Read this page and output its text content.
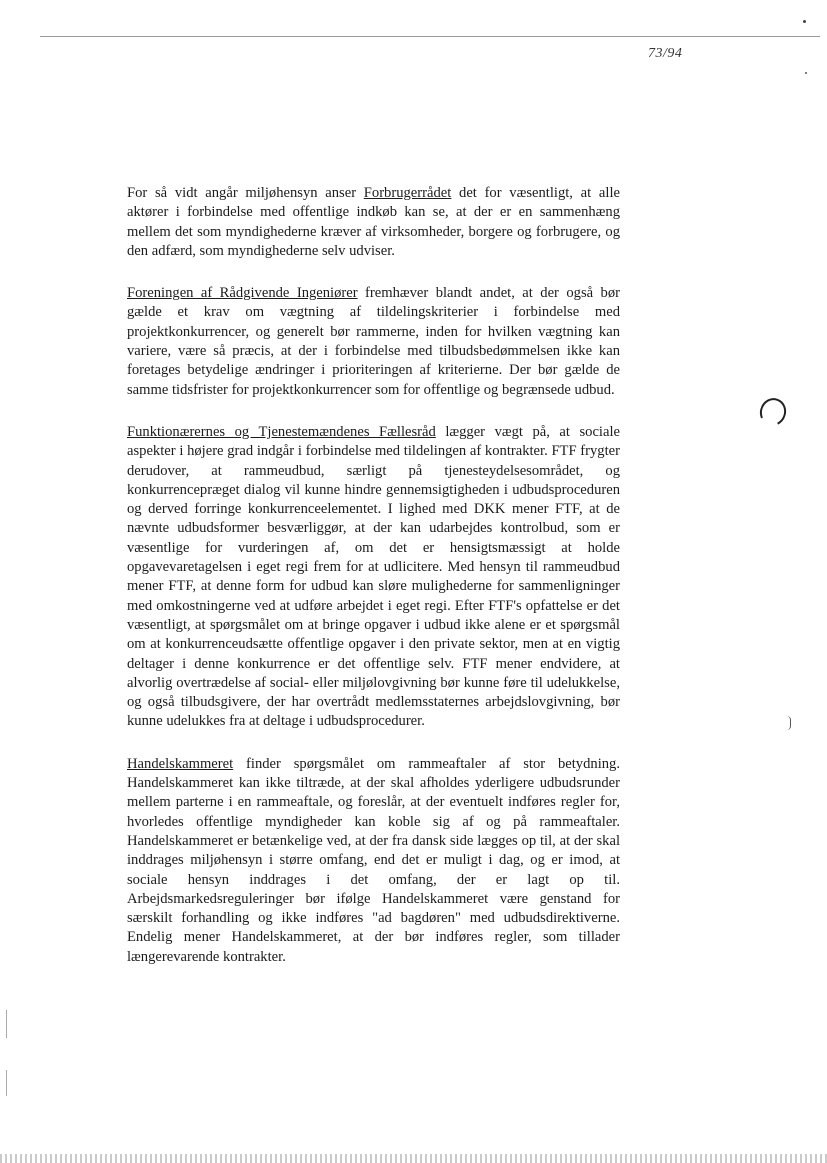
73/94

For så vidt angår miljøhensyn anser Forbrugerrådet det for væsentligt, at alle aktører i forbindelse med offentlige indkøb kan se, at der er en sammenhæng mellem det som myndighederne kræver af virksomheder, borgere og forbrugere, og den adfærd, som myndighederne selv udviser.

Foreningen af Rådgivende Ingeniører fremhæver blandt andet, at der også bør gælde et krav om vægtning af tildelingskriterier i forbindelse med projektkonkurrencer, og generelt bør rammerne, inden for hvilken vægtning kan variere, være så præcis, at der i forbindelse med tilbudsbedømmelsen ikke kan foretages betydelige ændringer i prioriteringen af kriterierne. Der bør gælde de samme tidsfrister for projektkonkurrencer som for offentlige og begrænsede udbud.

Funktionærernes og Tjenestemændenes Fællesråd lægger vægt på, at sociale aspekter i højere grad indgår i forbindelse med tildelingen af kontrakter. FTF frygter derudover, at rammeudbud, særligt på tjenesteydelsesområdet, og konkurrencepræget dialog vil kunne hindre gennemsigtigheden i udbudsproceduren og derved forringe konkurrenceelementet. I lighed med DKK mener FTF, at de nævnte udbudsformer besværliggør, at der kan udarbejdes kontrolbud, som er væsentlige for vurderingen af, om det er hensigtsmæssigt at holde opgavevaretagelsen i eget regi frem for at udlicitere. Med hensyn til rammeudbud mener FTF, at denne form for udbud kan sløre mulighederne for sammenligninger med omkostningerne ved at udføre arbejdet i eget regi. Efter FTF's opfattelse er det væsentligt, at spørgsmålet om at bringe opgaver i udbud ikke alene er et spørgsmål om at konkurrenceudsætte offentlige opgaver i den private sektor, men at en vigtig deltager i denne konkurrence er det offentlige selv. FTF mener endvidere, at alvorlig overtrædelse af social- eller miljølovgivning bør kunne føre til udelukkelse, og også tilbudsgivere, der har overtrådt medlemsstaternes arbejdslovgivning, bør kunne udelukkes fra at deltage i udbudsprocedurer.

Handelskammeret finder spørgsmålet om rammeaftaler af stor betydning. Handelskammeret kan ikke tiltræde, at der skal afholdes yderligere udbudsrunder mellem parterne i en rammeaftale, og foreslår, at der eventuelt indføres regler for, hvorledes offentlige myndigheder kan koble sig af og på rammeaftaler. Handelskammeret er betænkelige ved, at der fra dansk side lægges op til, at der skal inddrages miljøhensyn i større omfang, end det er muligt i dag, og er imod, at sociale hensyn inddrages i det omfang, der er lagt op til. Arbejdsmarkedsreguleringer bør ifølge Handelskammeret være genstand for særskilt forhandling og ikke indføres "ad bagdøren" med udbudsdirektiverne. Endelig mener Handelskammeret, at der bør indføres regler, som tillader længerevarende kontrakter.
